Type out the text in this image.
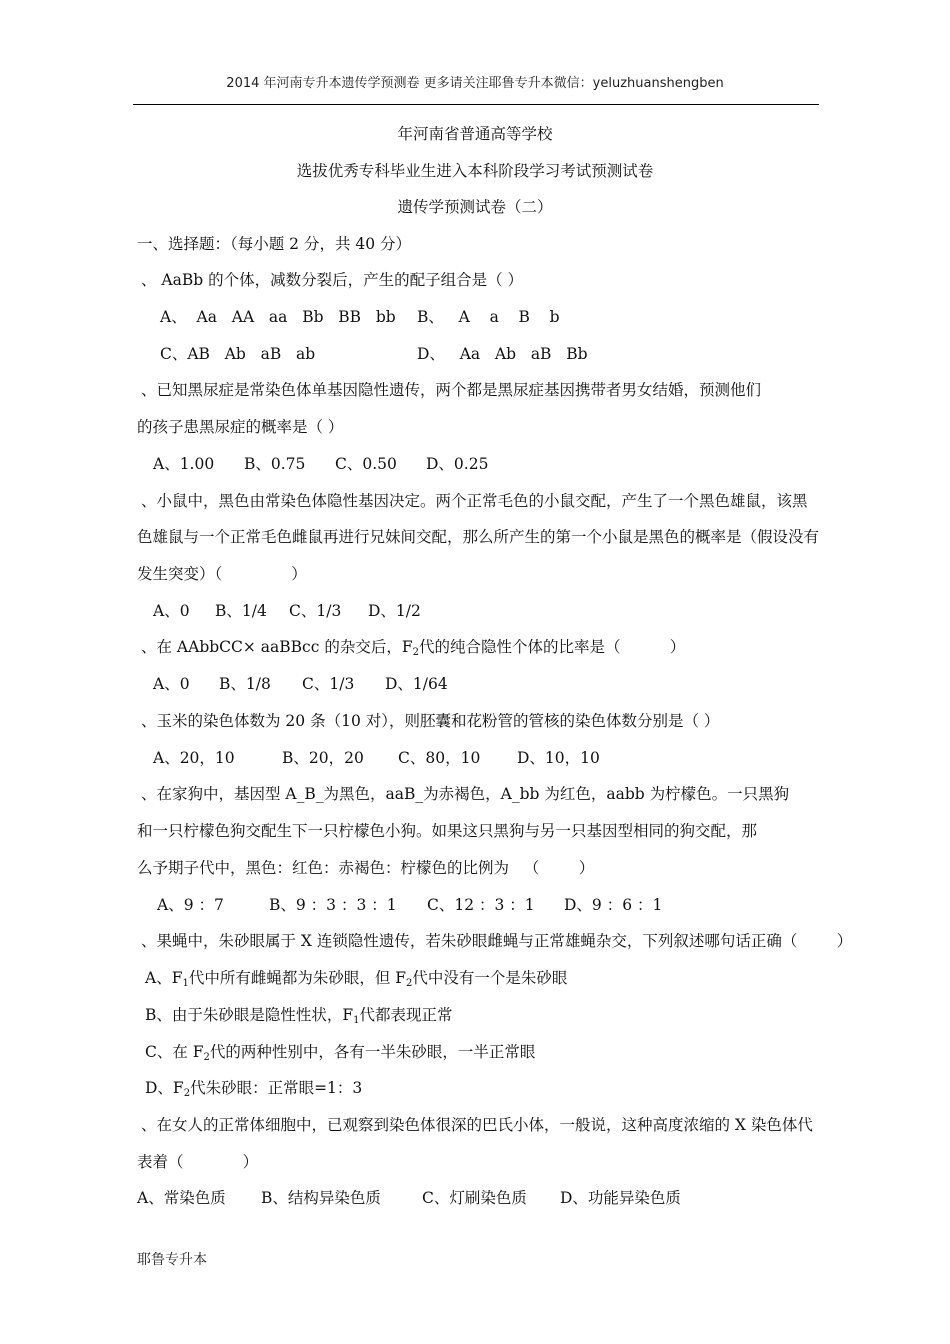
2014 年河南专升本遗传学预测卷 更多请关注耶鲁专升本微信：yeluzhuanshengben
年河南省普通高等学校
选拔优秀专科毕业生进入本科阶段学习考试预测试卷
遗传学预测试卷（二）
一、选择题：（每小题 2 分，共 40 分）
、 AaBb 的个体，减数分裂后，产生的配子组合是（ ）
A、  Aa   AA   aa   Bb   BB   bb B、   A    a    B    b
C、AB   Ab   aB   ab	D、   Aa   Ab   aB   Bb
、已知黑尿症是常染色体单基因隐性遗传，两个都是黑尿症基因携带者男女结婚，预测他们
的孩子患黑尿症的概率是（ ）
A、1.00 B、0.75 C、0.50 D、0.25
、小鼠中，黑色由常染色体隐性基因决定。两个正常毛色的小鼠交配，产生了一个黑色雄鼠，该黑
色雄鼠与一个正常毛色雌鼠再进行兄妹间交配，那么所产生的第一个小鼠是黑色的概率是（假设没有
发生突变）（              ）
A、0 B、1/4 C、1/3 D、1/2
、在 AAbbCC× aaBBcc 的杂交后，$F_2$代的纯合隐性个体的比率是（          ）
A、0 B、1/8 C、1/3 D、1/64
、玉米的染色体数为 20 条（10 对），则胚囊和花粉管的管核的染色体数分别是（ ）
A、20，10	B、20，20 C、80，10 D、10，10
、在家狗中，基因型 A_B_为黑色，aaB_为赤褐色，A_bb 为红色，aabb 为柠檬色。一只黑狗
和一只柠檬色狗交配生下一只柠檬色小狗。如果这只黑狗与另一只基因型相同的狗交配，那
么予期子代中，黑色：红色：赤褐色：柠檬色的比例为   （        ）
A、9 ：7	B、9 ：3 ：3 ：1 C、12 ：3 ：1 D、9 ：6 ：1
、果蝇中，朱砂眼属于 X 连锁隐性遗传，若朱砂眼雌蝇与正常雄蝇杂交，下列叙述哪句话正确（        ）
A、$F_1$代中所有雌蝇都为朱砂眼，但 $F_2$代中没有一个是朱砂眼
B、由于朱砂眼是隐性性状，$F_1$代都表现正常
C、在 $F_2$代的两种性别中，各有一半朱砂眼，一半正常眼
D、$F_2$代朱砂眼：正常眼=1：3
、在女人的正常体细胞中，已观察到染色体很深的巴氏小体，一般说，这种高度浓缩的 X 染色体代
表着（            ）
A、常染色质 B、结构异染色质	C、灯刷染色质 D、功能异染色质
耶鲁专升本
